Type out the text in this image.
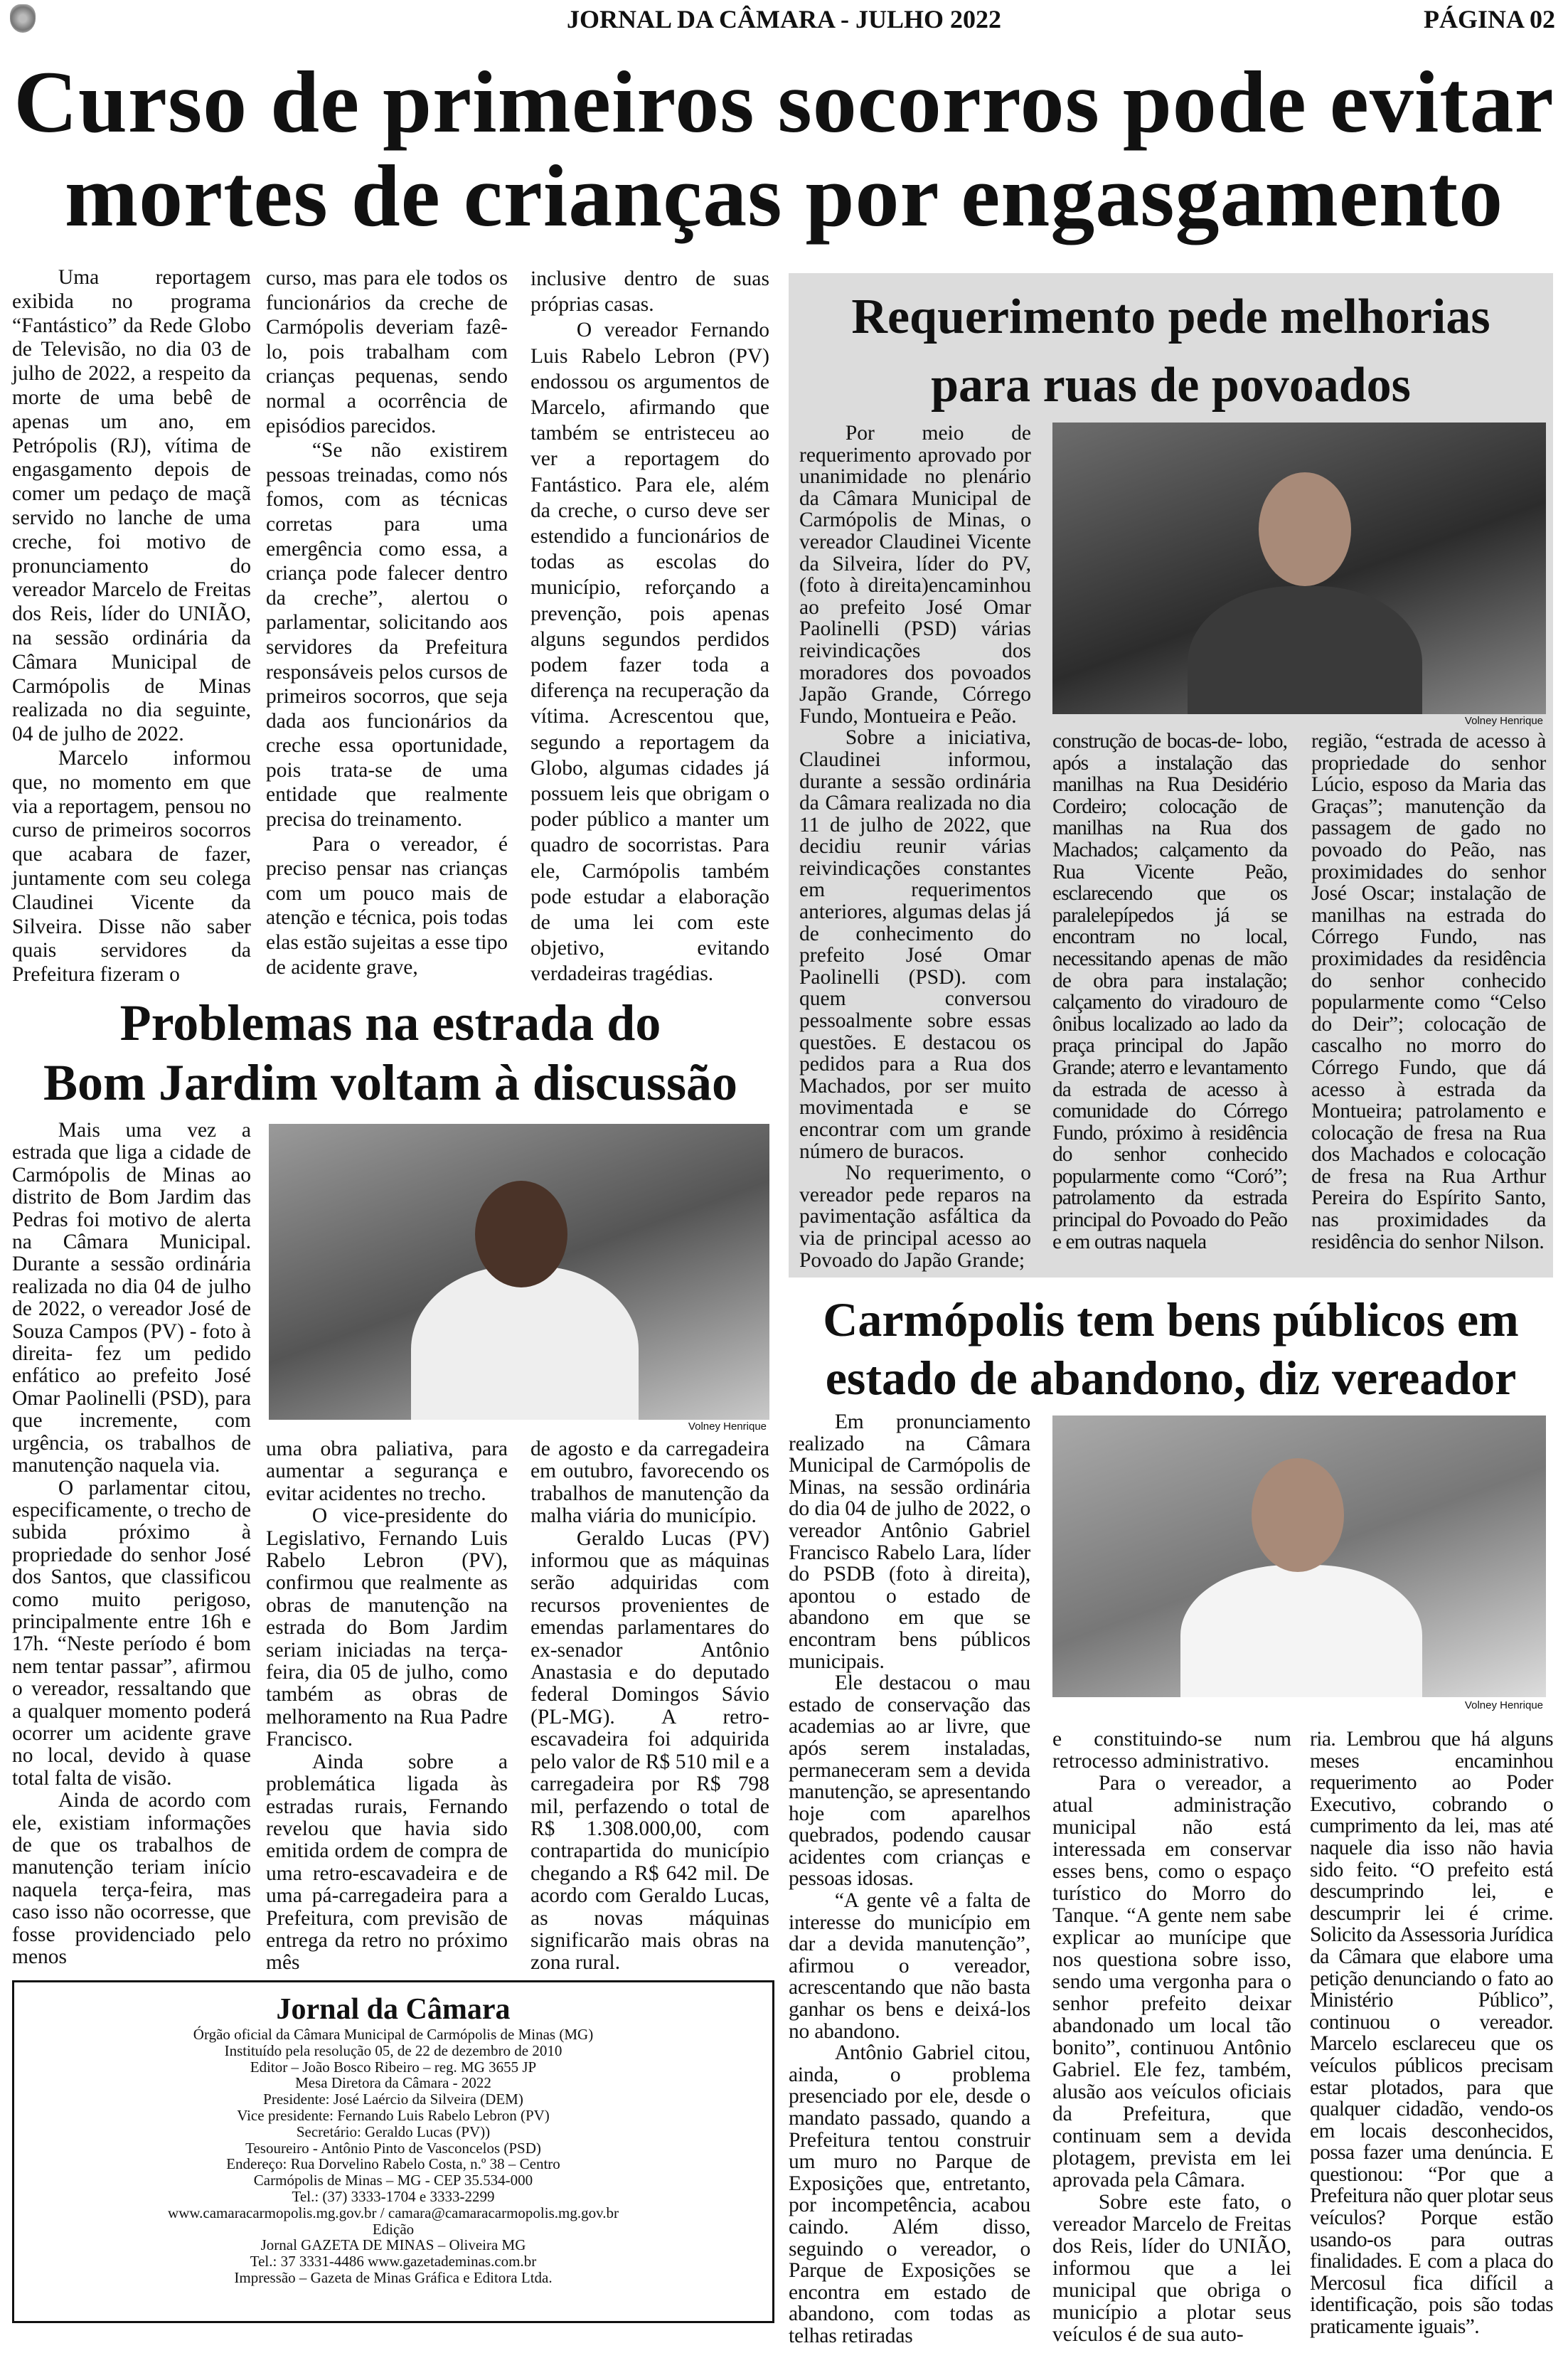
JORNAL DA CÂMARA - JULHO 2022	PÁGINA 02
Curso de primeiros socorros pode evitar
mortes de crianças por engasgamento

Uma reportagem exibida no programa “Fantástico” da Rede Globo de Televisão, no dia 03 de julho de 2022, a respeito da morte de uma bebê de apenas um ano, em Petrópolis (RJ), vítima de engasgamento depois de comer um pedaço de maçã servido no lanche de uma creche, foi motivo de pronunciamento do vereador Marcelo de Freitas dos Reis, líder do UNIÃO, na sessão ordinária da Câmara Municipal de Carmópolis de Minas realizada no dia seguinte, 04 de julho de 2022.

Marcelo informou que, no momento em que via a reportagem, pensou no curso de primeiros socorros que acabara de fazer, juntamente com seu colega Claudinei Vicente da Silveira. Disse não saber quais servidores da Prefeitura fizeram o

curso, mas para ele todos os funcionários da creche de Carmópolis deveriam fazê-lo, pois trabalham com crianças pequenas, sendo normal a ocorrência de episódios parecidos.

“Se não existirem pessoas treinadas, como nós fomos, com as técnicas corretas para uma emergência como essa, a criança pode falecer dentro da creche”, alertou o parlamentar, solicitando aos servidores da Prefeitura responsáveis pelos cursos de primeiros socorros, que seja dada aos funcionários da creche essa oportunidade, pois trata-se de uma entidade que realmente precisa do treinamento.

Para o vereador, é preciso pensar nas crianças com um pouco mais de atenção e técnica, pois todas elas estão sujeitas a esse tipo de acidente grave,

inclusive dentro de suas próprias casas.

O vereador Fernando Luis Rabelo Lebron (PV) endossou os argumentos de Marcelo, afirmando que também se entristeceu ao ver a reportagem do Fantástico. Para ele, além da creche, o curso deve ser estendido a funcionários de todas as escolas do município, reforçando a prevenção, pois apenas alguns segundos perdidos podem fazer toda a diferença na recuperação da vítima. Acrescentou que, segundo a reportagem da Globo, algumas cidades já possuem leis que obrigam o poder público a manter um quadro de socorristas. Para ele, Carmópolis também pode estudar a elaboração de uma lei com este objetivo, evitando verdadeiras tragédias.

Requerimento pede melhorias
para ruas de povoados

Por meio de requerimento aprovado por unanimidade no plenário da Câmara Municipal de Carmópolis de Minas, o vereador Claudinei Vicente da Silveira, líder do PV, (foto à direita)encaminhou ao prefeito José Omar Paolinelli (PSD) várias reivindicações dos moradores dos povoados Japão Grande, Córrego Fundo, Montueira e Peão.

Sobre a iniciativa, Claudinei informou, durante a sessão ordinária da Câmara realizada no dia 11 de julho de 2022, que decidiu reunir várias reivindicações constantes em requerimentos anteriores, algumas delas já de conhecimento do prefeito José Omar Paolinelli (PSD). com quem conversou pessoalmente sobre essas questões. E destacou os pedidos para a Rua dos Machados, por ser muito movimentada e se encontrar com um grande número de buracos.

No requerimento, o vereador pede reparos na pavimentação asfáltica da via de principal acesso ao Povoado do Japão Grande;

Volney Henrique

construção de bocas-de- lobo, após a instalação das manilhas na Rua Desidério Cordeiro; colocação de manilhas na Rua dos Machados; calçamento da Rua Vicente Peão, esclarecendo que os paralelepípedos já se encontram no local, necessitando apenas de mão de obra para instalação; calçamento do viradouro de ônibus localizado ao lado da praça principal do Japão Grande; aterro e levantamento da estrada de acesso à comunidade do Córrego Fundo, próximo à residência do senhor conhecido popularmente como “Coró”; patrolamento da estrada principal do Povoado do Peão e em outras naquela

região, “estrada de acesso à propriedade do senhor Lúcio, esposo da Maria das Graças”; manutenção da passagem de gado no povoado do Peão, nas proximidades do senhor José Oscar; instalação de manilhas na estrada do Córrego Fundo, nas proximidades da residência do senhor conhecido popularmente como “Celso do Deir”; colocação de cascalho no morro do Córrego Fundo, que dá acesso à estrada da Montueira; patrolamento e colocação de fresa na Rua dos Machados e colocação de fresa na Rua Arthur Pereira do Espírito Santo, nas proximidades da residência do senhor Nilson.

Problemas na estrada do
Bom Jardim voltam à discussão

Mais uma vez a estrada que liga a cidade de Carmópolis de Minas ao distrito de Bom Jardim das Pedras foi motivo de alerta na Câmara Municipal. Durante a sessão ordinária realizada no dia 04 de julho de 2022, o vereador José de Souza Campos (PV) - foto à direita- fez um pedido enfático ao prefeito José Omar Paolinelli (PSD), para que incremente, com urgência, os trabalhos de manutenção naquela via.

O parlamentar citou, especificamente, o trecho de subida próximo à propriedade do senhor José dos Santos, que classificou como muito perigoso, principalmente entre 16h e 17h. “Neste período é bom nem tentar passar”, afirmou o vereador, ressaltando que a qualquer momento poderá ocorrer um acidente grave no local, devido à quase total falta de visão.

Ainda de acordo com ele, existiam informações de que os trabalhos de manutenção teriam início naquela terça-feira, mas caso isso não ocorresse, que fosse providenciado pelo menos

Volney Henrique

uma obra paliativa, para aumentar a segurança e evitar acidentes no trecho.

O vice-presidente do Legislativo, Fernando Luis Rabelo Lebron (PV), confirmou que realmente as obras de manutenção na estrada do Bom Jardim seriam iniciadas na terça-feira, dia 05 de julho, como também as obras de melhoramento na Rua Padre Francisco.

Ainda sobre a problemática ligada às estradas rurais, Fernando revelou que havia sido emitida ordem de compra de uma retro-escavadeira e de uma pá-carregadeira para a Prefeitura, com previsão de entrega da retro no próximo mês

de agosto e da carregadeira em outubro, favorecendo os trabalhos de manutenção da malha viária do município.

Geraldo Lucas (PV) informou que as máquinas serão adquiridas com recursos provenientes de emendas parlamentares do ex-senador Antônio Anastasia e do deputado federal Domingos Sávio (PL-MG). A retro-escavadeira foi adquirida pelo valor de R$ 510 mil e a carregadeira por R$ 798 mil, perfazendo o total de R$ 1.308.000,00, com contrapartida do município chegando a R$ 642 mil. De acordo com Geraldo Lucas, as novas máquinas significarão mais obras na zona rural.

Jornal da Câmara
Órgão oficial da Câmara Municipal de Carmópolis de Minas (MG)
Instituído pela resolução 05, de 22 de dezembro de 2010
Editor – João Bosco Ribeiro – reg. MG 3655 JP
Mesa Diretora da Câmara - 2022
Presidente: José Laércio da Silveira (DEM)
Vice presidente: Fernando Luis Rabelo Lebron (PV)
Secretário: Geraldo Lucas (PV))
Tesoureiro - Antônio Pinto de Vasconcelos (PSD)
Endereço: Rua Dorvelino Rabelo Costa, n.º 38 – Centro
Carmópolis de Minas – MG - CEP 35.534-000
Tel.: (37) 3333-1704 e 3333-2299
www.camaracarmopolis.mg.gov.br / camara@camaracarmopolis.mg.gov.br
Edição
Jornal GAZETA DE MINAS – Oliveira MG
Tel.: 37 3331-4486 www.gazetademinas.com.br
Impressão – Gazeta de Minas Gráfica e Editora Ltda.
Carmópolis tem bens públicos em
estado de abandono, diz vereador

Em pronunciamento realizado na Câmara Municipal de Carmópolis de Minas, na sessão ordinária do dia 04 de julho de 2022, o vereador Antônio Gabriel Francisco Rabelo Lara, líder do PSDB (foto à direita), apontou o estado de abandono em que se encontram bens públicos municipais.

Ele destacou o mau estado de conservação das academias ao ar livre, que após serem instaladas, permaneceram sem a devida manutenção, se apresentando hoje com aparelhos quebrados, podendo causar acidentes com crianças e pessoas idosas.

“A gente vê a falta de interesse do município em dar a devida manutenção”, afirmou o vereador, acrescentando que não basta ganhar os bens e deixá-los no abandono.

Antônio Gabriel citou, ainda, o problema presenciado por ele, desde o mandato passado, quando a Prefeitura tentou construir um muro no Parque de Exposições que, entretanto, por incompetência, acabou caindo. Além disso, seguindo o vereador, o Parque de Exposições se encontra em estado de abandono, com todas as telhas retiradas

Volney Henrique

e constituindo-se num retrocesso administrativo.

Para o vereador, a atual administração municipal não está interessada em conservar esses bens, como o espaço turístico do Morro do Tanque. “A gente nem sabe explicar ao munícipe que nos questiona sobre isso, sendo uma vergonha para o senhor prefeito deixar abandonado um local tão bonito”, continuou Antônio Gabriel. Ele fez, também, alusão aos veículos oficiais da Prefeitura, que continuam sem a devida plotagem, prevista em lei aprovada pela Câmara.

Sobre este fato, o vereador Marcelo de Freitas dos Reis, líder do UNIÃO, informou que a lei municipal que obriga o município a plotar seus veículos é de sua auto-

ria. Lembrou que há alguns meses encaminhou requerimento ao Poder Executivo, cobrando o cumprimento da lei, mas até naquele dia isso não havia sido feito. “O prefeito está descumprindo lei, e descumprir lei é crime. Solicito da Assessoria Jurídica da Câmara que elabore uma petição denunciando o fato ao Ministério Público”, continuou o vereador. Marcelo esclareceu que os veículos públicos precisam estar plotados, para que qualquer cidadão, vendo-os em locais desconhecidos, possa fazer uma denúncia. E questionou: “Por que a Prefeitura não quer plotar seus veículos? Porque estão usando-os para outras finalidades. E com a placa do Mercosul fica difícil a identificação, pois são todas praticamente iguais”.
